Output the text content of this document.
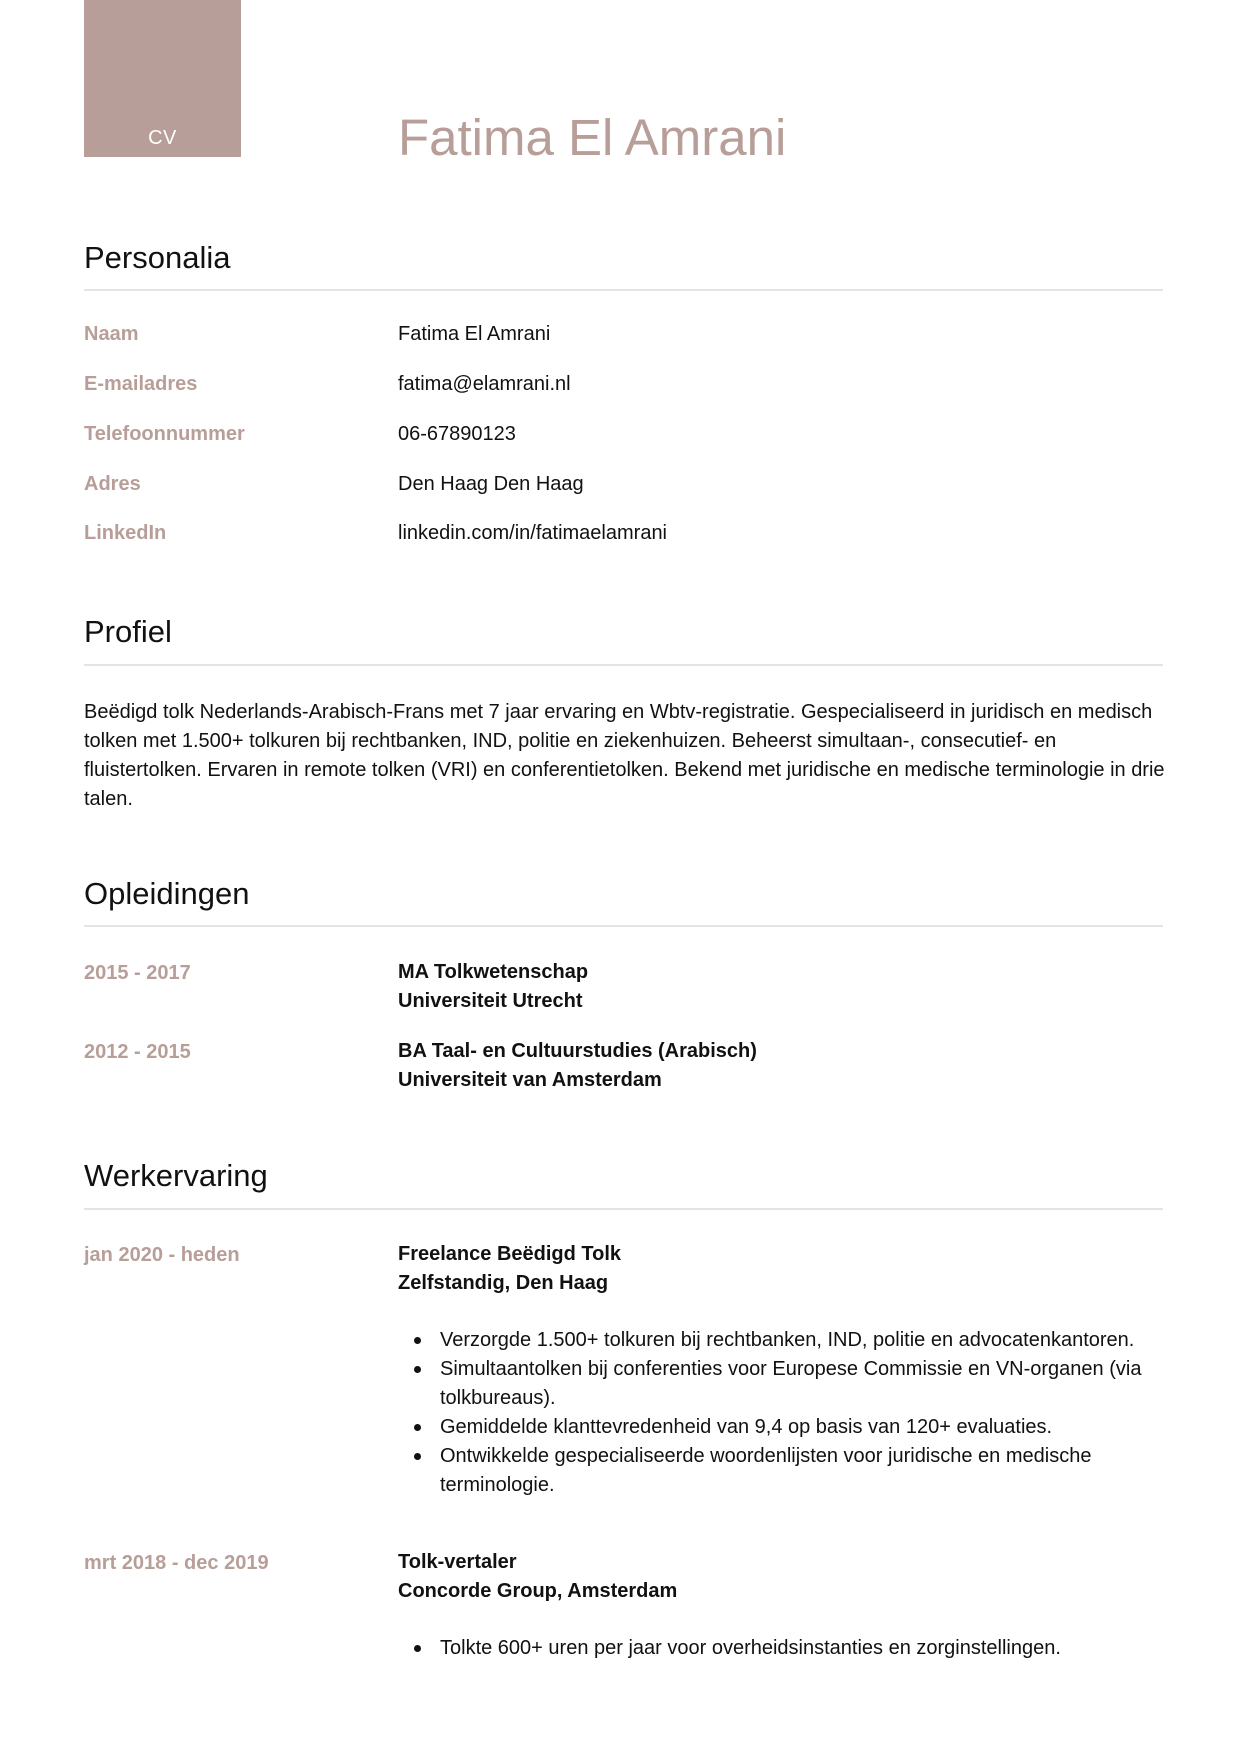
CV	Fatima El Amrani
Personalia
Naam	Fatima El Amrani
E-mailadres	fatima@elamrani.nl
Telefoonnummer	06-67890123
Adres	Den Haag Den Haag
LinkedIn	linkedin.com/in/fatimaelamrani
Profiel
Beëdigd tolk Nederlands-Arabisch-Frans met 7 jaar ervaring en Wbtv-registratie. Gespecialiseerd in juridisch en medisch tolken met 1.500+ tolkuren bij rechtbanken, IND, politie en ziekenhuizen. Beheerst simultaan-, consecutief- en fluistertolken. Ervaren in remote tolken (VRI) en conferentietolken. Bekend met juridische en medische terminologie in drie talen.
Opleidingen
2015 - 2017	MA Tolkwetenschap
Universiteit Utrecht
2012 - 2015	BA Taal- en Cultuurstudies (Arabisch)
Universiteit van Amsterdam
Werkervaring
jan 2020 - heden	Freelance Beëdigd Tolk
Zelfstandig, Den Haag
Verzorgde 1.500+ tolkuren bij rechtbanken, IND, politie en advocatenkantoren.
Simultaantolken bij conferenties voor Europese Commissie en VN-organen (via tolkbureaus).
Gemiddelde klanttevredenheid van 9,4 op basis van 120+ evaluaties.
Ontwikkelde gespecialiseerde woordenlijsten voor juridische en medische terminologie.
mrt 2018 - dec 2019	Tolk-vertaler
Concorde Group, Amsterdam
Tolkte 600+ uren per jaar voor overheidsinstanties en zorginstellingen.
